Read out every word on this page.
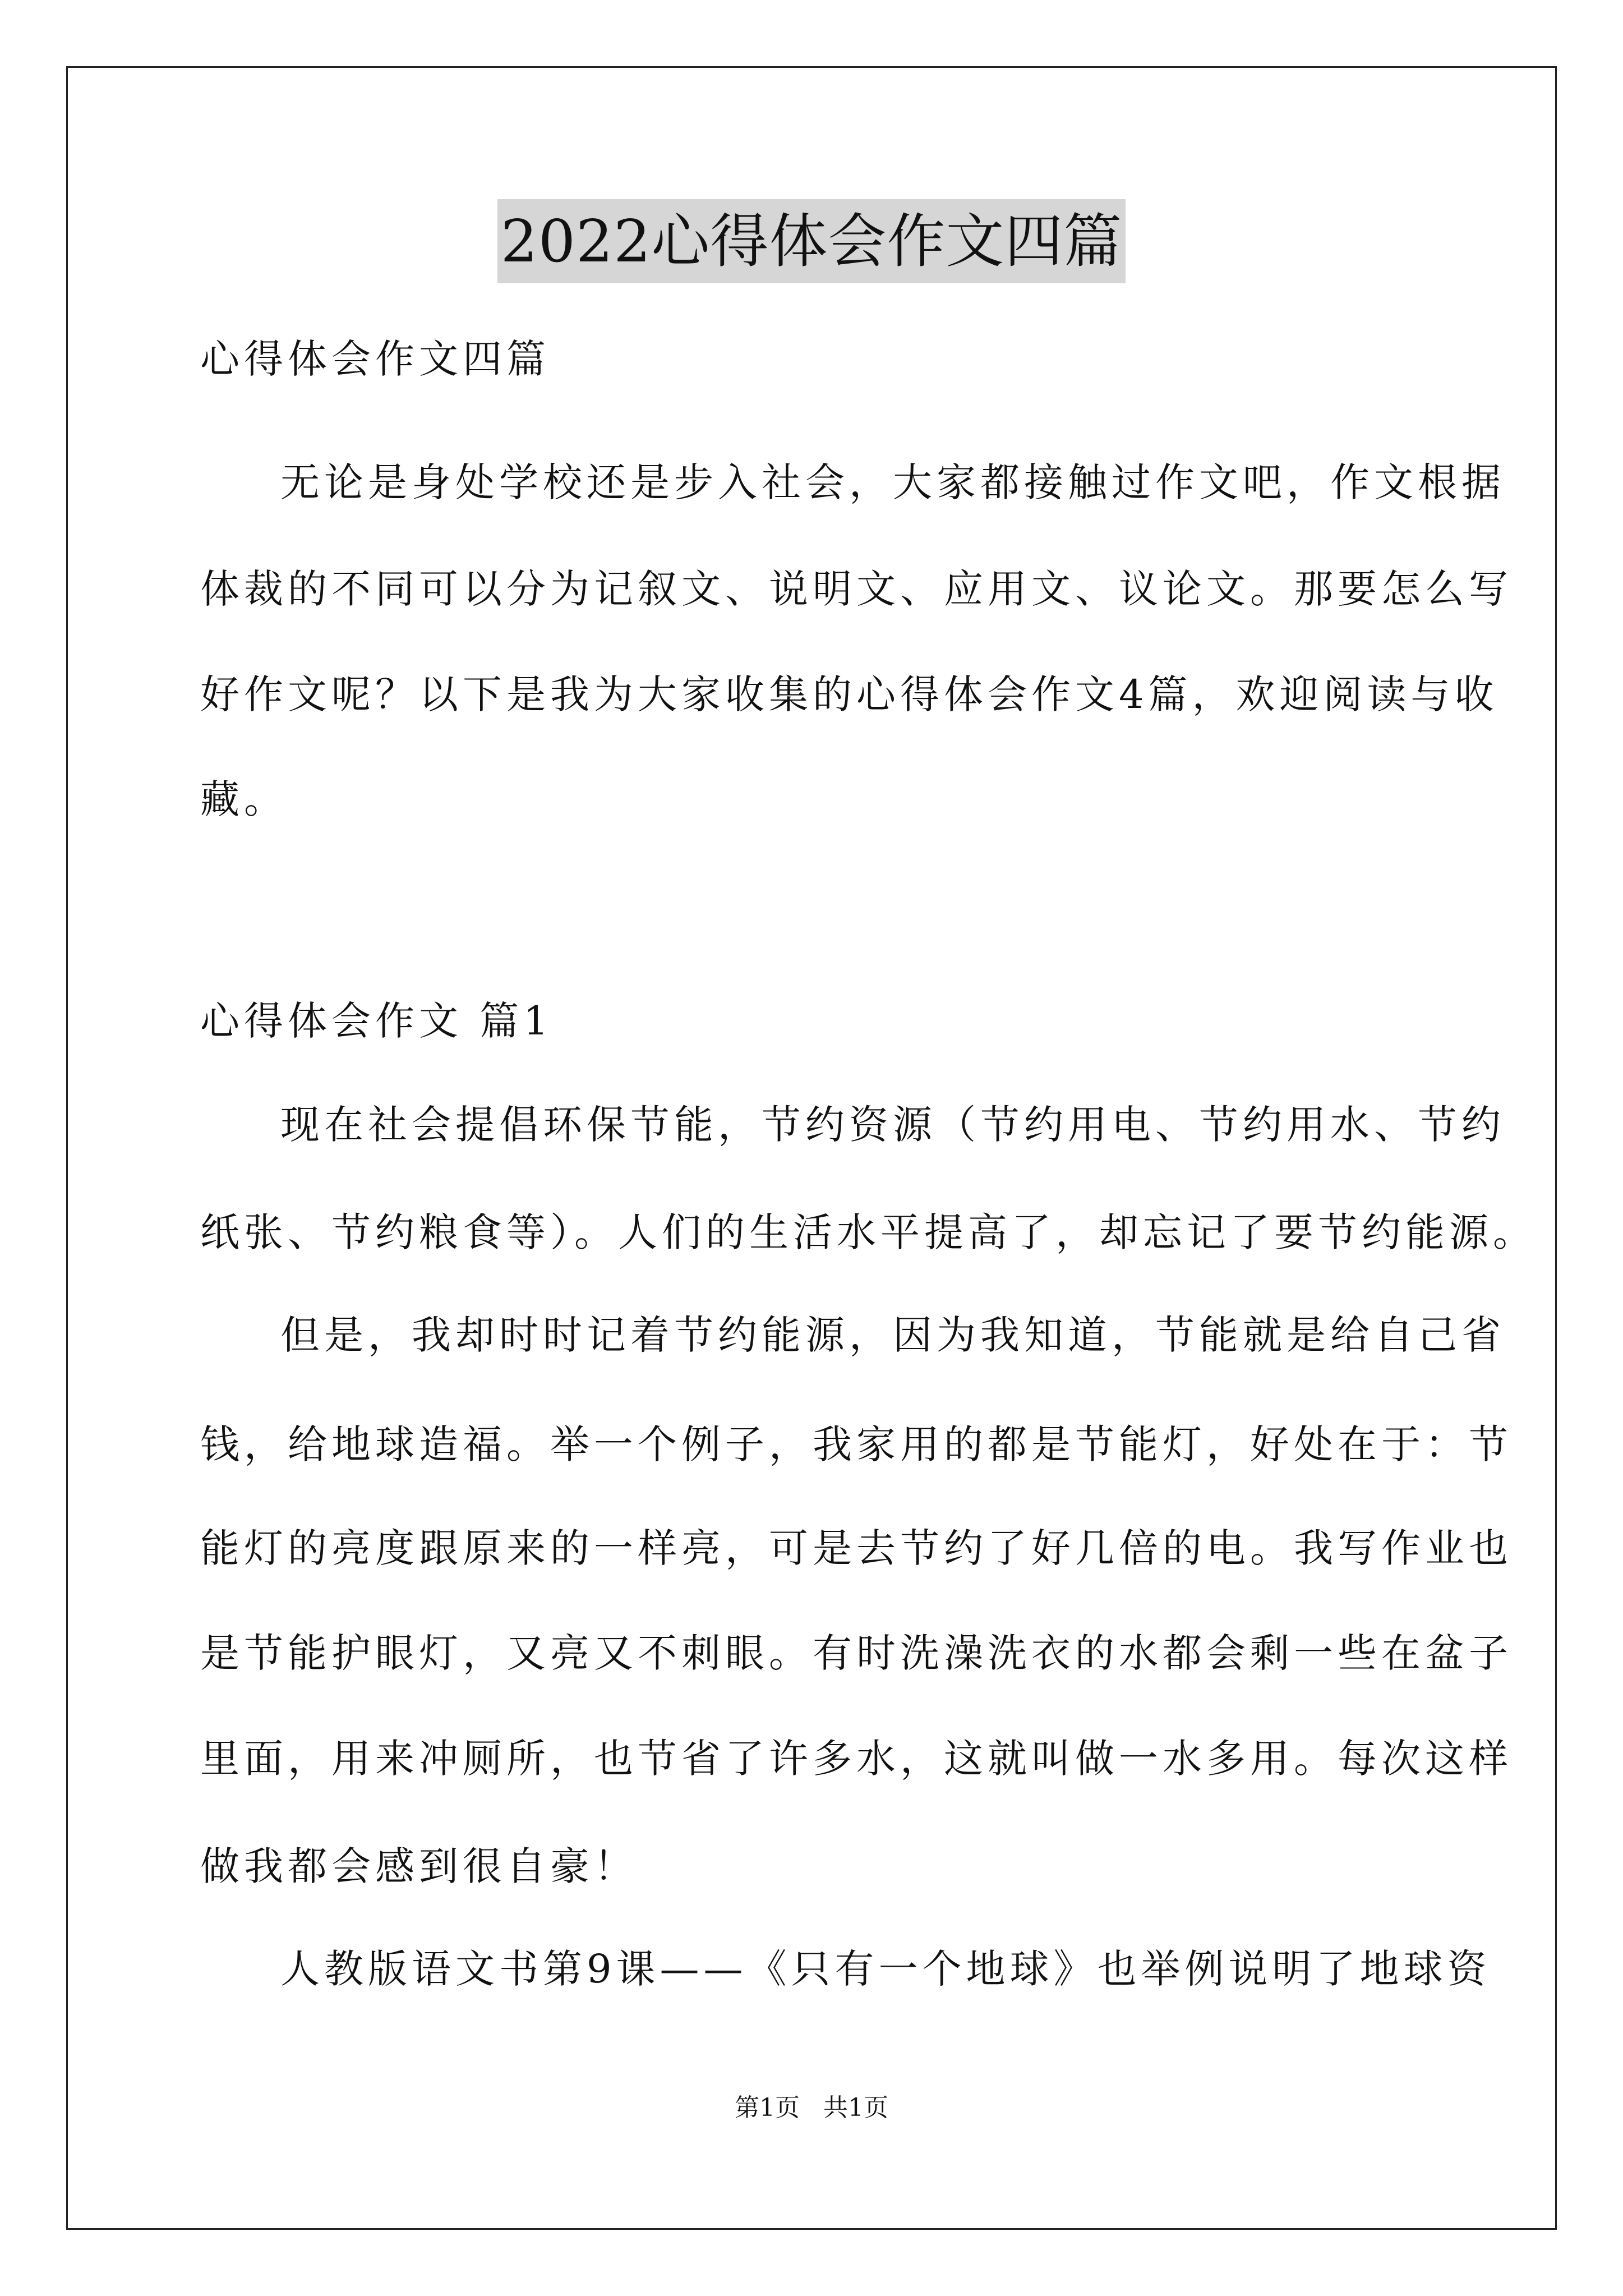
2022心得体会作文四篇
心得体会作文四篇
无论是身处学校还是步入社会，大家都接触过作文吧，作文根据
体裁的不同可以分为记叙文、说明文、应用文、议论文。那要怎么写
好作文呢？以下是我为大家收集的心得体会作文4篇，欢迎阅读与收
藏。
心得体会作文 篇1
现在社会提倡环保节能，节约资源（节约用电、节约用水、节约
纸张、节约粮食等）。人们的生活水平提高了，却忘记了要节约能源。
但是，我却时时记着节约能源，因为我知道，节能就是给自己省
钱，给地球造福。举一个例子，我家用的都是节能灯，好处在于：节
能灯的亮度跟原来的一样亮，可是去节约了好几倍的电。我写作业也
是节能护眼灯，又亮又不刺眼。有时洗澡洗衣的水都会剩一些在盆子
里面，用来冲厕所，也节省了许多水，这就叫做一水多用。每次这样
做我都会感到很自豪！
人教版语文书第9课——《只有一个地球》也举例说明了地球资
第1页 共1页
